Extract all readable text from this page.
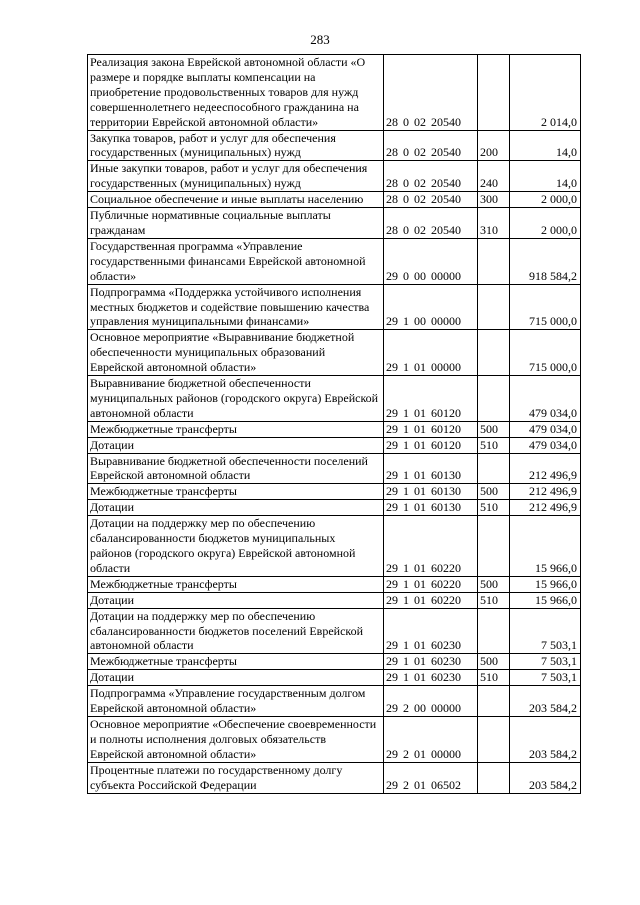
283
Реализация закона Еврейской автономной области «О размере и порядке выплаты компенсации на приобретение продовольственных товаров для нужд совершеннолетнего недееспособного гражданина на территории Еврейской автономной области»	28 0 02 20540		2 014,0
Закупка товаров, работ и услуг для обеспечения государственных (муниципальных) нужд	28 0 02 20540	200	14,0
Иные закупки товаров, работ и услуг для обеспечения государственных (муниципальных) нужд	28 0 02 20540	240	14,0
Социальное обеспечение и иные выплаты населению	28 0 02 20540	300	2 000,0
Публичные нормативные социальные выплаты гражданам	28 0 02 20540	310	2 000,0
Государственная программа «Управление государственными финансами Еврейской автономной области»	29 0 00 00000		918 584,2
Подпрограмма «Поддержка устойчивого исполнения местных бюджетов и содействие повышению качества управления муниципальными финансами»	29 1 00 00000		715 000,0
Основное мероприятие «Выравнивание бюджетной обеспеченности муниципальных образований Еврейской автономной области»	29 1 01 00000		715 000,0
Выравнивание бюджетной обеспеченности муниципальных районов (городского округа) Еврейской автономной области	29 1 01 60120		479 034,0
Межбюджетные трансферты	29 1 01 60120	500	479 034,0
Дотации	29 1 01 60120	510	479 034,0
Выравнивание бюджетной обеспеченности поселений Еврейской автономной области	29 1 01 60130		212 496,9
Межбюджетные трансферты	29 1 01 60130	500	212 496,9
Дотации	29 1 01 60130	510	212 496,9
Дотации на поддержку мер по обеспечению сбалансированности бюджетов муниципальных районов (городского округа) Еврейской автономной области	29 1 01 60220		15 966,0
Межбюджетные трансферты	29 1 01 60220	500	15 966,0
Дотации	29 1 01 60220	510	15 966,0
Дотации на поддержку мер по обеспечению сбалансированности бюджетов поселений Еврейской автономной области	29 1 01 60230		7 503,1
Межбюджетные трансферты	29 1 01 60230	500	7 503,1
Дотации	29 1 01 60230	510	7 503,1
Подпрограмма «Управление государственным долгом Еврейской автономной области»	29 2 00 00000		203 584,2
Основное мероприятие «Обеспечение своевременности и полноты исполнения долговых обязательств Еврейской автономной области»	29 2 01 00000		203 584,2
Процентные платежи по государственному долгу субъекта Российской Федерации	29 2 01 06502		203 584,2
